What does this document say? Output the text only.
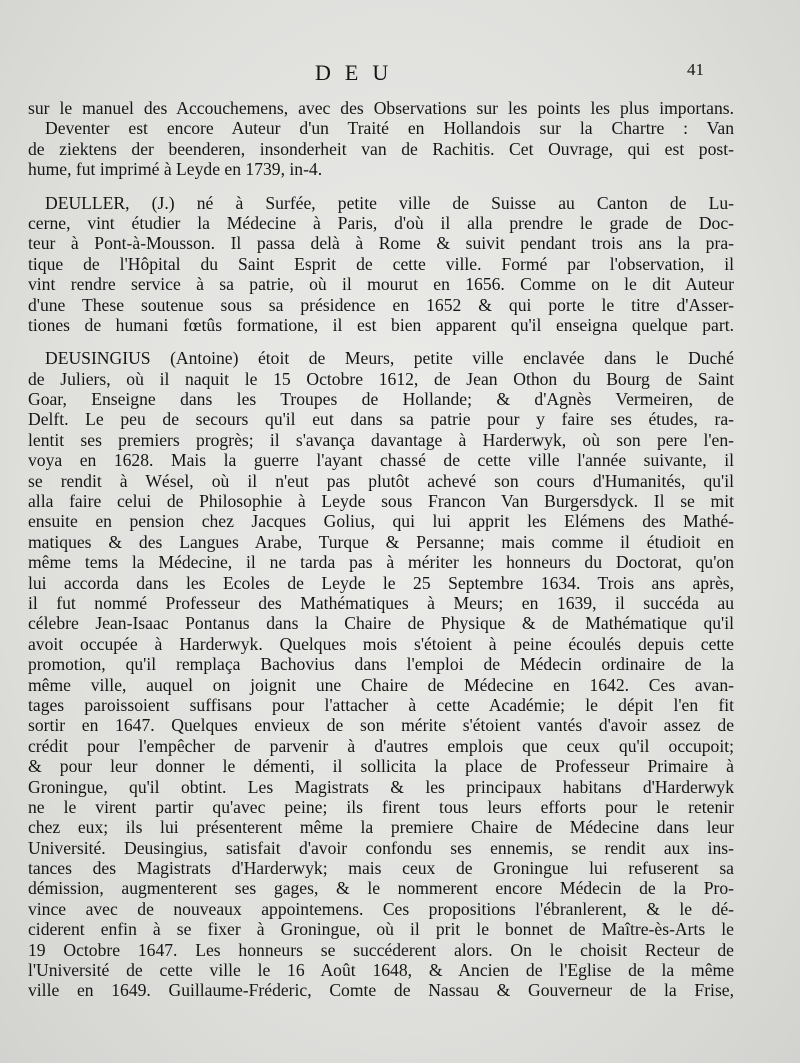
DEU	41
sur le manuel des Accouchemens, avec des Observations sur les points les plus importans.
Deventer est encore Auteur d'un Traité en Hollandois sur la Chartre : Van
de ziektens der beenderen, insonderheit van de Rachitis. Cet Ouvrage, qui est post-
hume, fut imprimé à Leyde en 1739, in-4.
DEULLER, (J.) né à Surfée, petite ville de Suisse au Canton de Lu-
cerne, vint étudier la Médecine à Paris, d'où il alla prendre le grade de Doc-
teur à Pont-à-Mousson. Il passa delà à Rome & suivit pendant trois ans la pra-
tique de l'Hôpital du Saint Esprit de cette ville. Formé par l'observation, il
vint rendre service à sa patrie, où il mourut en 1656. Comme on le dit Auteur
d'une These soutenue sous sa présidence en 1652 & qui porte le titre d'Asser-
tiones de humani fœtûs formatione, il est bien apparent qu'il enseigna quelque part.
DEUSINGIUS (Antoine) étoit de Meurs, petite ville enclavée dans le Duché
de Juliers, où il naquit le 15 Octobre 1612, de Jean Othon du Bourg de Saint
Goar, Enseigne dans les Troupes de Hollande; & d'Agnès Vermeiren, de
Delft. Le peu de secours qu'il eut dans sa patrie pour y faire ses études, ra-
lentit ses premiers progrès; il s'avança davantage à Harderwyk, où son pere l'en-
voya en 1628. Mais la guerre l'ayant chassé de cette ville l'année suivante, il
se rendit à Wésel, où il n'eut pas plutôt achevé son cours d'Humanités, qu'il
alla faire celui de Philosophie à Leyde sous Francon Van Burgersdyck. Il se mit
ensuite en pension chez Jacques Golius, qui lui apprit les Elémens des Mathé-
matiques & des Langues Arabe, Turque & Persanne; mais comme il étudioit en
même tems la Médecine, il ne tarda pas à mériter les honneurs du Doctorat, qu'on
lui accorda dans les Ecoles de Leyde le 25 Septembre 1634. Trois ans après,
il fut nommé Professeur des Mathématiques à Meurs; en 1639, il succéda au
célebre Jean-Isaac Pontanus dans la Chaire de Physique & de Mathématique qu'il
avoit occupée à Harderwyk. Quelques mois s'étoient à peine écoulés depuis cette
promotion, qu'il remplaça Bachovius dans l'emploi de Médecin ordinaire de la
même ville, auquel on joignit une Chaire de Médecine en 1642. Ces avan-
tages paroissoient suffisans pour l'attacher à cette Académie; le dépit l'en fit
sortir en 1647. Quelques envieux de son mérite s'étoient vantés d'avoir assez de
crédit pour l'empêcher de parvenir à d'autres emplois que ceux qu'il occupoit;
& pour leur donner le démenti, il sollicita la place de Professeur Primaire à
Groningue, qu'il obtint. Les Magistrats & les principaux habitans d'Harderwyk
ne le virent partir qu'avec peine; ils firent tous leurs efforts pour le retenir
chez eux; ils lui présenterent même la premiere Chaire de Médecine dans leur
Université. Deusingius, satisfait d'avoir confondu ses ennemis, se rendit aux ins-
tances des Magistrats d'Harderwyk; mais ceux de Groningue lui refuserent sa
démission, augmenterent ses gages, & le nommerent encore Médecin de la Pro-
vince avec de nouveaux appointemens. Ces propositions l'ébranlerent, & le dé-
ciderent enfin à se fixer à Groningue, où il prit le bonnet de Maître-ès-Arts le
19 Octobre 1647. Les honneurs se succéderent alors. On le choisit Recteur de
l'Université de cette ville le 16 Août 1648, & Ancien de l'Eglise de la même
ville en 1649. Guillaume-Fréderic, Comte de Nassau & Gouverneur de la Frise,
